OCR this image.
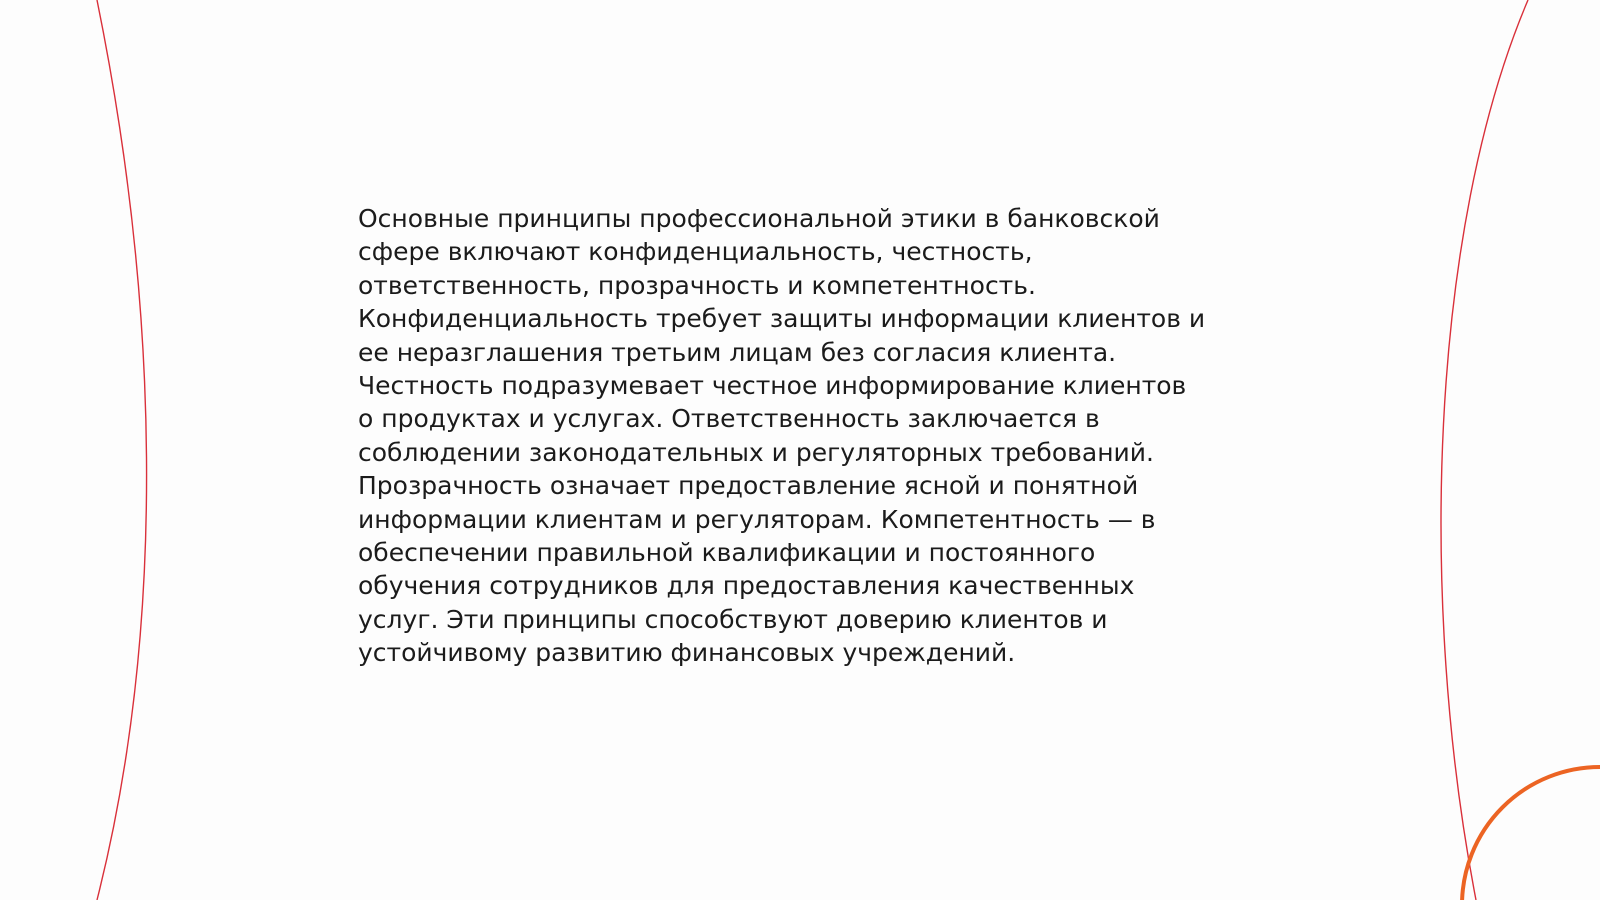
Основные принципы профессиональной этики в банковской
сфере включают конфиденциальность, честность,
ответственность, прозрачность и компетентность.
Конфиденциальность требует защиты информации клиентов и
ее неразглашения третьим лицам без согласия клиента.
Честность подразумевает честное информирование клиентов
о продуктах и услугах. Ответственность заключается в
соблюдении законодательных и регуляторных требований.
Прозрачность означает предоставление ясной и понятной
информации клиентам и регуляторам. Компетентность — в
обеспечении правильной квалификации и постоянного
обучения сотрудников для предоставления качественных
услуг. Эти принципы способствуют доверию клиентов и
устойчивому развитию финансовых учреждений.
